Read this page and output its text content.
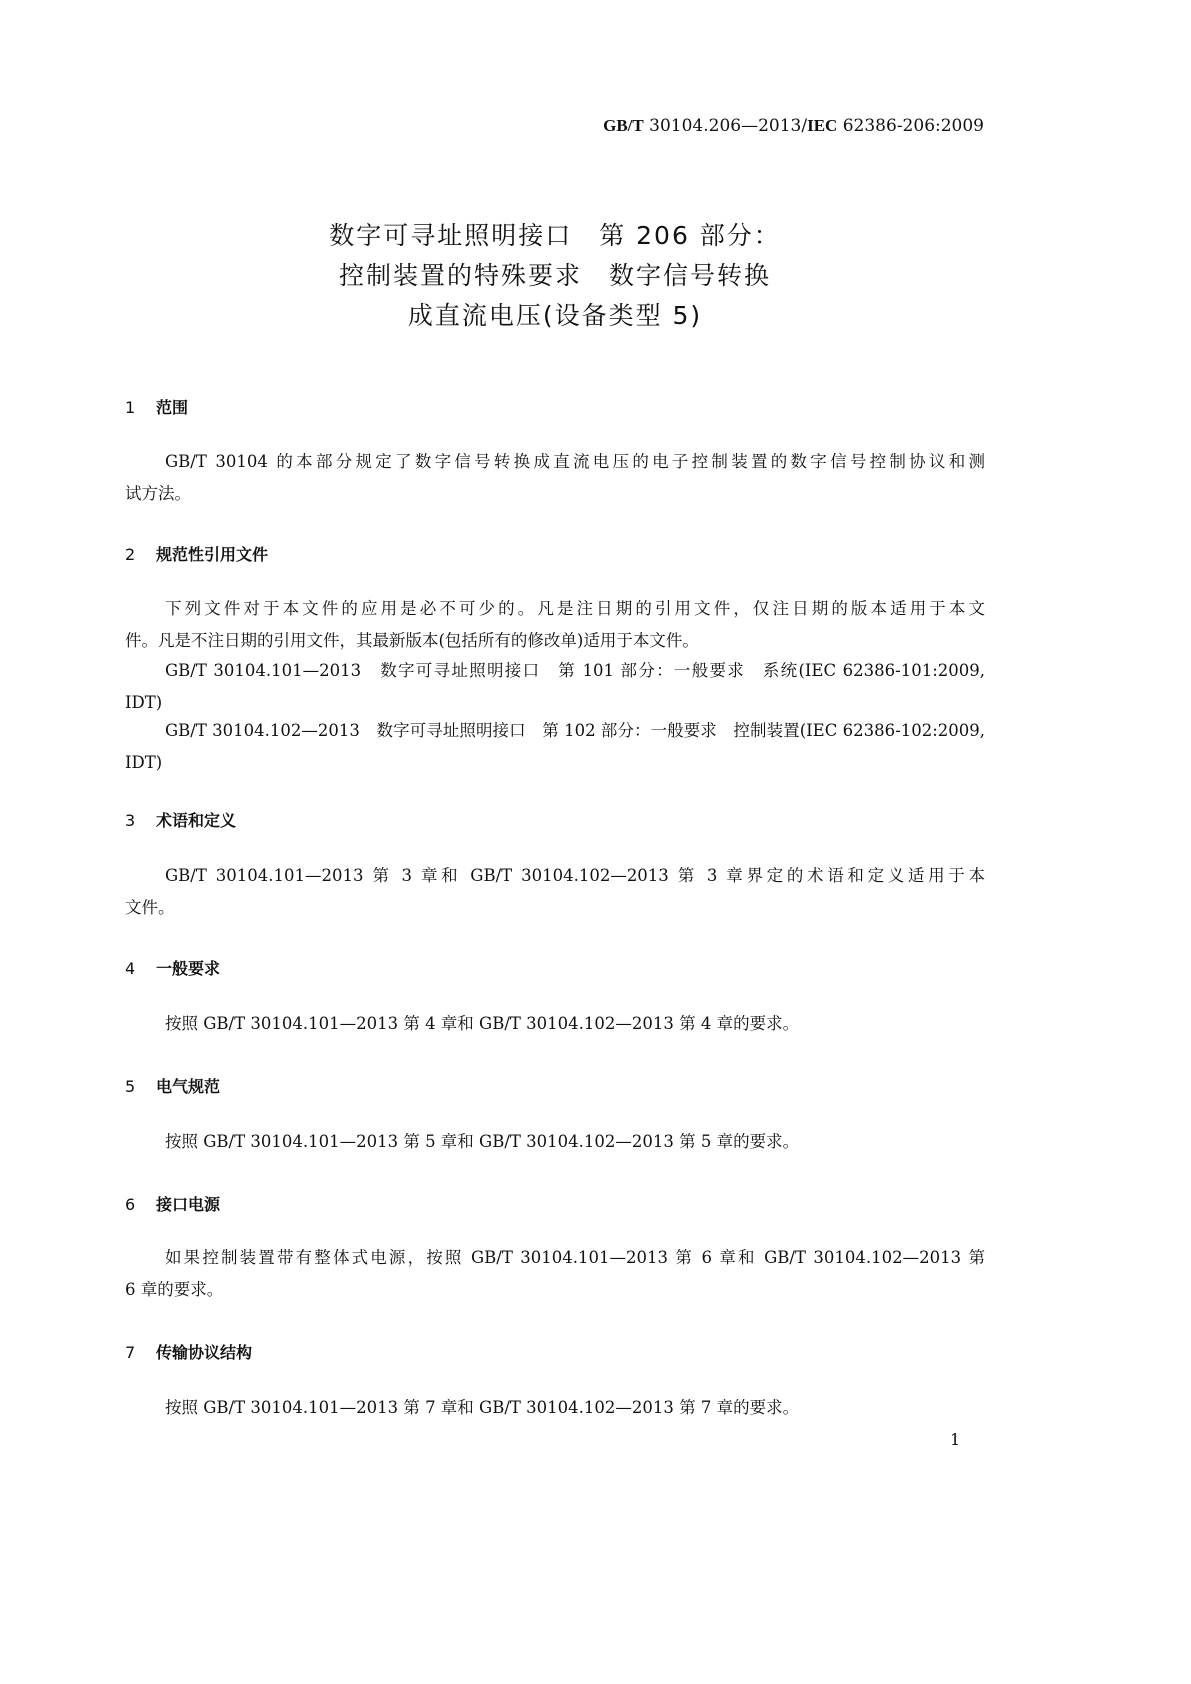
GB/T 30104.206—2013/IEC 62386-206:2009
数字可寻址照明接口　第 206 部分：
控制装置的特殊要求　数字信号转换
成直流电压(设备类型 5)
1 范围
GB/T 30104 的本部分规定了数字信号转换成直流电压的电子控制装置的数字信号控制协议和测
试方法。
2 规范性引用文件
下列文件对于本文件的应用是必不可少的。凡是注日期的引用文件，仅注日期的版本适用于本文
件。凡是不注日期的引用文件，其最新版本(包括所有的修改单)适用于本文件。
GB/T 30104.101—2013　数字可寻址照明接口　第 101 部分：一般要求　系统(IEC 62386-101:2009,
IDT)
GB/T 30104.102—2013　数字可寻址照明接口　第 102 部分：一般要求　控制装置(IEC 62386-102:2009,
IDT)
3 术语和定义
GB/T 30104.101—2013 第 3 章和 GB/T 30104.102—2013 第 3 章界定的术语和定义适用于本
文件。
4 一般要求
按照 GB/T 30104.101—2013 第 4 章和 GB/T 30104.102—2013 第 4 章的要求。
5 电气规范
按照 GB/T 30104.101—2013 第 5 章和 GB/T 30104.102—2013 第 5 章的要求。
6 接口电源
如果控制装置带有整体式电源，按照 GB/T 30104.101—2013 第 6 章和 GB/T 30104.102—2013 第
6 章的要求。
7 传输协议结构
按照 GB/T 30104.101—2013 第 7 章和 GB/T 30104.102—2013 第 7 章的要求。
1
